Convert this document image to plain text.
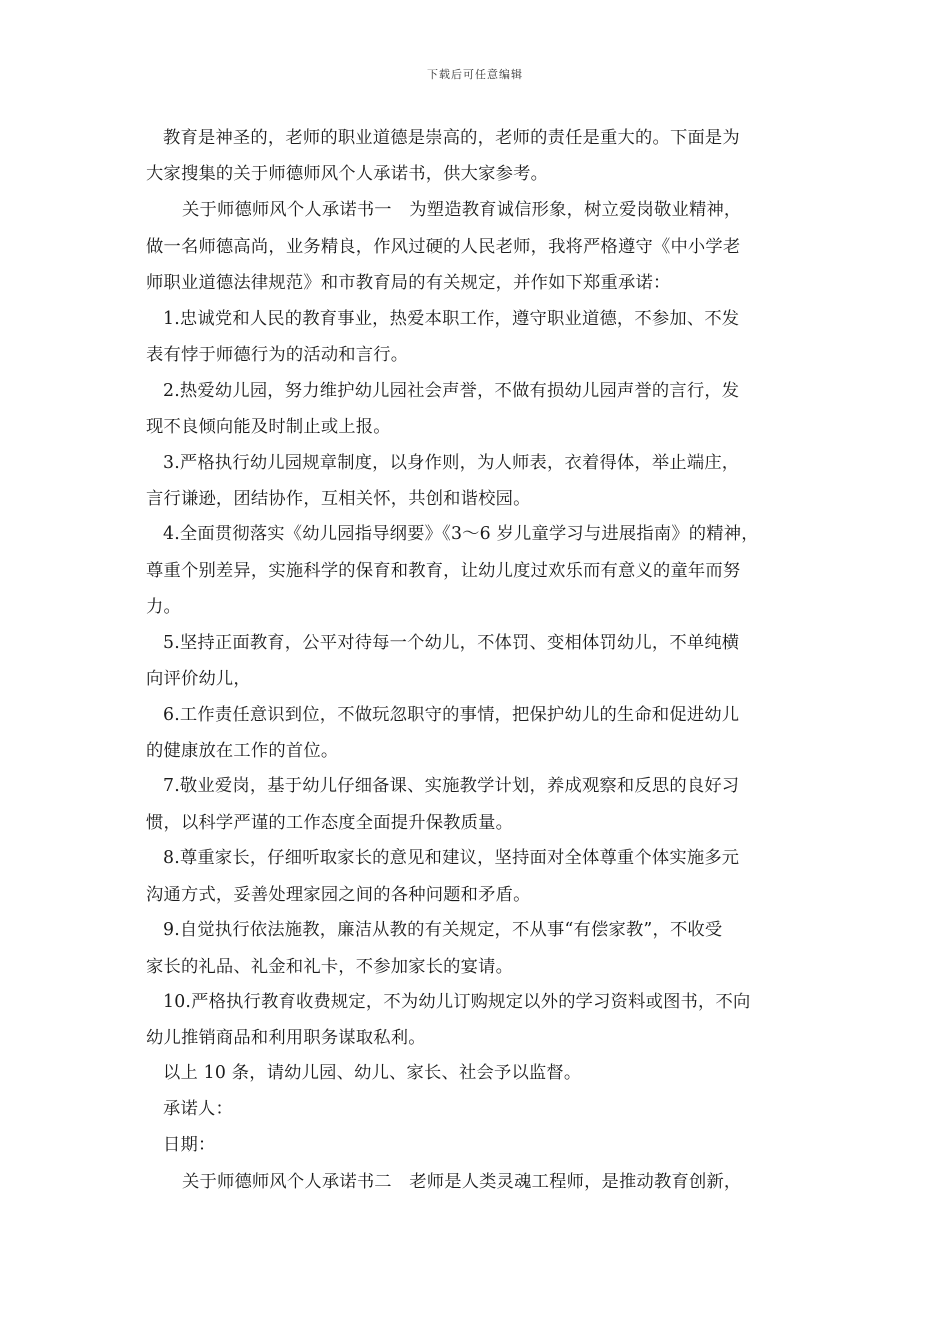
下载后可任意编辑
教育是神圣的，老师的职业道德是崇高的，老师的责任是重大的。下面是为
大家搜集的关于师德师风个人承诺书，供大家参考。
关于师德师风个人承诺书一　为塑造教育诚信形象，树立爱岗敬业精神，
做一名师德高尚，业务精良，作风过硬的人民老师，我将严格遵守《中小学老
师职业道德法律规范》和市教育局的有关规定，并作如下郑重承诺：
1.忠诚党和人民的教育事业，热爱本职工作，遵守职业道德，不参加、不发
表有悖于师德行为的活动和言行。
2.热爱幼儿园，努力维护幼儿园社会声誉，不做有损幼儿园声誉的言行，发
现不良倾向能及时制止或上报。
3.严格执行幼儿园规章制度，以身作则，为人师表，衣着得体，举止端庄，
言行谦逊，团结协作，互相关怀，共创和谐校园。
4.全面贯彻落实《幼儿园指导纲要》《3～6 岁儿童学习与进展指南》的精神，
尊重个别差异，实施科学的保育和教育，让幼儿度过欢乐而有意义的童年而努
力。
5.坚持正面教育，公平对待每一个幼儿，不体罚、变相体罚幼儿，不单纯横
向评价幼儿，
6.工作责任意识到位，不做玩忽职守的事情，把保护幼儿的生命和促进幼儿
的健康放在工作的首位。
7.敬业爱岗，基于幼儿仔细备课、实施教学计划，养成观察和反思的良好习
惯，以科学严谨的工作态度全面提升保教质量。
8.尊重家长，仔细听取家长的意见和建议，坚持面对全体尊重个体实施多元
沟通方式，妥善处理家园之间的各种问题和矛盾。
9.自觉执行依法施教，廉洁从教的有关规定，不从事“有偿家教”，不收受
家长的礼品、礼金和礼卡，不参加家长的宴请。
10.严格执行教育收费规定，不为幼儿订购规定以外的学习资料或图书，不向
幼儿推销商品和利用职务谋取私利。
以上 10 条，请幼儿园、幼儿、家长、社会予以监督。
承诺人：
日期：
关于师德师风个人承诺书二　老师是人类灵魂工程师，是推动教育创新，
